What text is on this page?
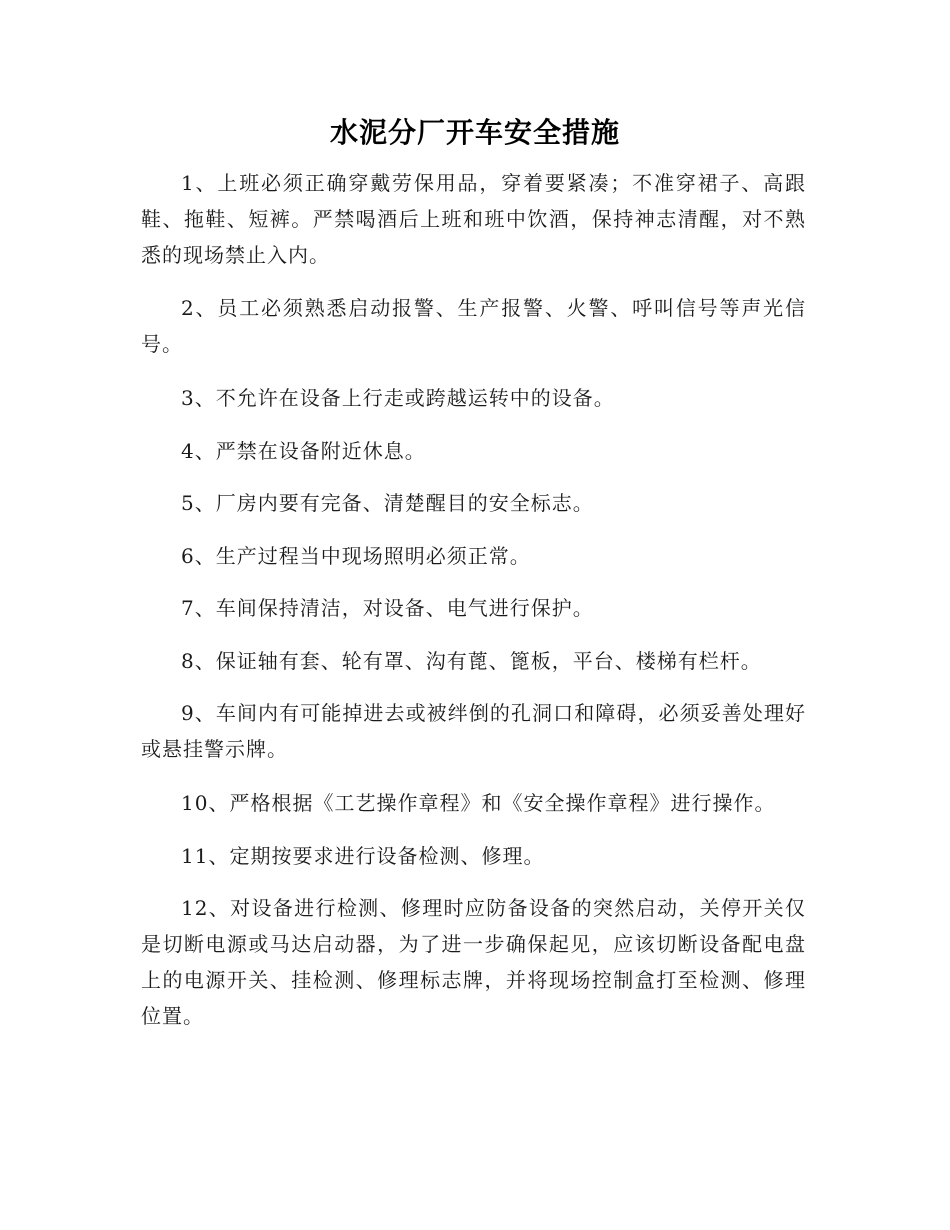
水泥分厂开车安全措施

1、上班必须正确穿戴劳保用品，穿着要紧凑；不准穿裙子、高跟鞋、拖鞋、短裤。严禁喝酒后上班和班中饮酒，保持神志清醒，对不熟悉的现场禁止入内。

2、员工必须熟悉启动报警、生产报警、火警、呼叫信号等声光信号。

3、不允许在设备上行走或跨越运转中的设备。

4、严禁在设备附近休息。

5、厂房内要有完备、清楚醒目的安全标志。

6、生产过程当中现场照明必须正常。

7、车间保持清洁，对设备、电气进行保护。

8、保证轴有套、轮有罩、沟有蓖、篦板，平台、楼梯有栏杆。

9、车间内有可能掉进去或被绊倒的孔洞口和障碍，必须妥善处理好或悬挂警示牌。

10、严格根据《工艺操作章程》和《安全操作章程》进行操作。

11、定期按要求进行设备检测、修理。

12、对设备进行检测、修理时应防备设备的突然启动，关停开关仅是切断电源或马达启动器，为了进一步确保起见，应该切断设备配电盘上的电源开关、挂检测、修理标志牌，并将现场控制盒打至检测、修理位置。
